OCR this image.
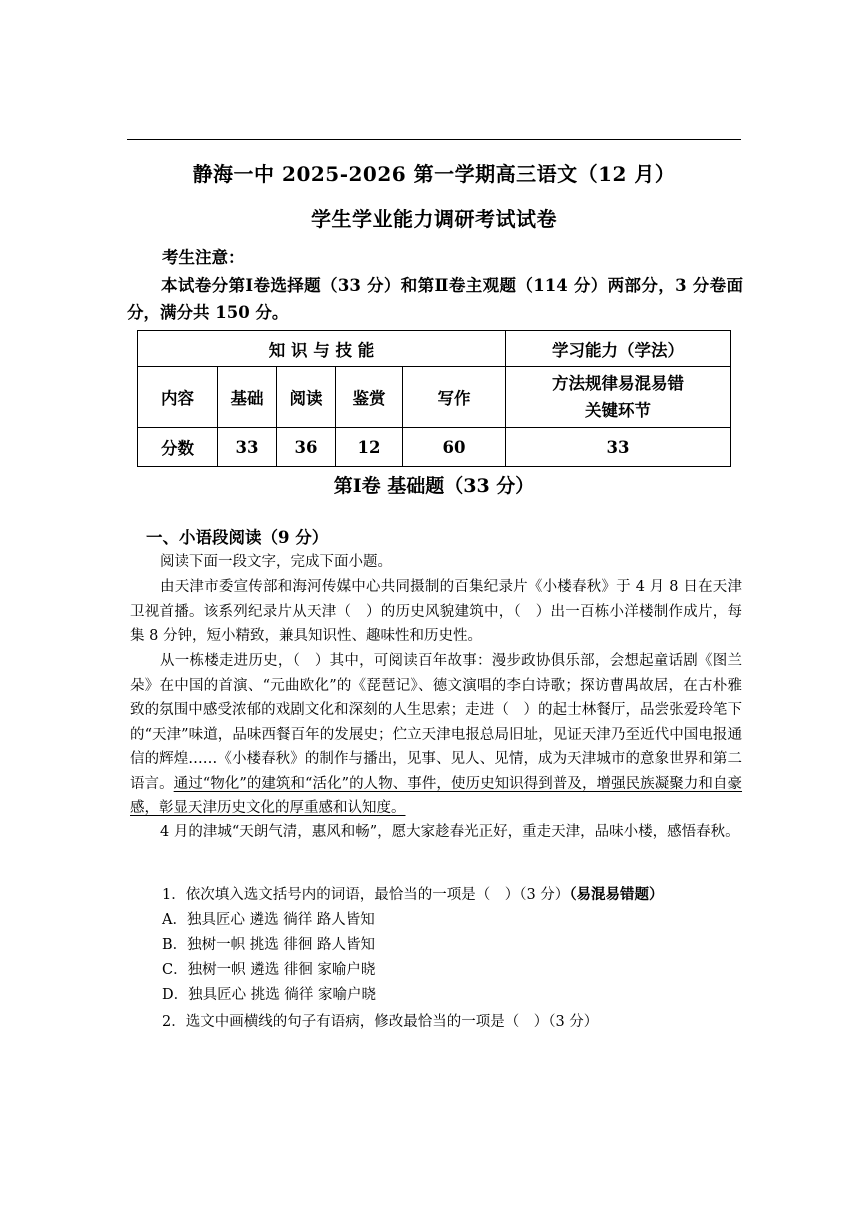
静海一中 2025-2026 第一学期高三语文（12 月）
学生学业能力调研考试试卷
考生注意：
本试卷分第Ⅰ卷选择题（33 分）和第Ⅱ卷主观题（114 分）两部分，3 分卷面分，满分共 150 分。
知 识 与 技 能					学习能力（学法）
内容	基础	阅读	鉴赏	写作	方法规律易混易错
关键环节

分数	33	36	12	60	33
第Ⅰ卷 基础题（33 分）
一、小语段阅读（9 分）
阅读下面一段文字，完成下面小题。
由天津市委宣传部和海河传媒中心共同摄制的百集纪录片《小楼春秋》于 4 月 8 日在天津卫视首播。该系列纪录片从天津（　）的历史风貌建筑中，（　）出一百栋小洋楼制作成片，每集 8 分钟，短小精致，兼具知识性、趣味性和历史性。
从一栋楼走进历史，（　）其中，可阅读百年故事：漫步政协俱乐部，会想起童话剧《图兰朵》在中国的首演、“元曲欧化”的《琵琶记》、德文演唱的李白诗歌；探访曹禺故居，在古朴雅致的氛围中感受浓郁的戏剧文化和深刻的人生思索；走进（　）的起士林餐厅，品尝张爱玲笔下的“天津”味道，品味西餐百年的发展史；伫立天津电报总局旧址，见证天津乃至近代中国电报通信的辉煌……《小楼春秋》的制作与播出，见事、见人、见情，成为天津城市的意象世界和第二语言。通过“物化”的建筑和“活化”的人物、事件，使历史知识得到普及，增强民族凝聚力和自豪感，彰显天津历史文化的厚重感和认知度。
4 月的津城“天朗气清，惠风和畅”，愿大家趁春光正好，重走天津，品味小楼，感悟春秋。
1．依次填入选文括号内的词语，最恰当的一项是（　）（3 分）（易混易错题）
A．独具匠心 遴选 徜徉 路人皆知
B．独树一帜 挑选 徘徊 路人皆知
C．独树一帜 遴选 徘徊 家喻户晓
D．独具匠心 挑选 徜徉 家喻户晓
2．选文中画横线的句子有语病，修改最恰当的一项是（　）（3 分）
